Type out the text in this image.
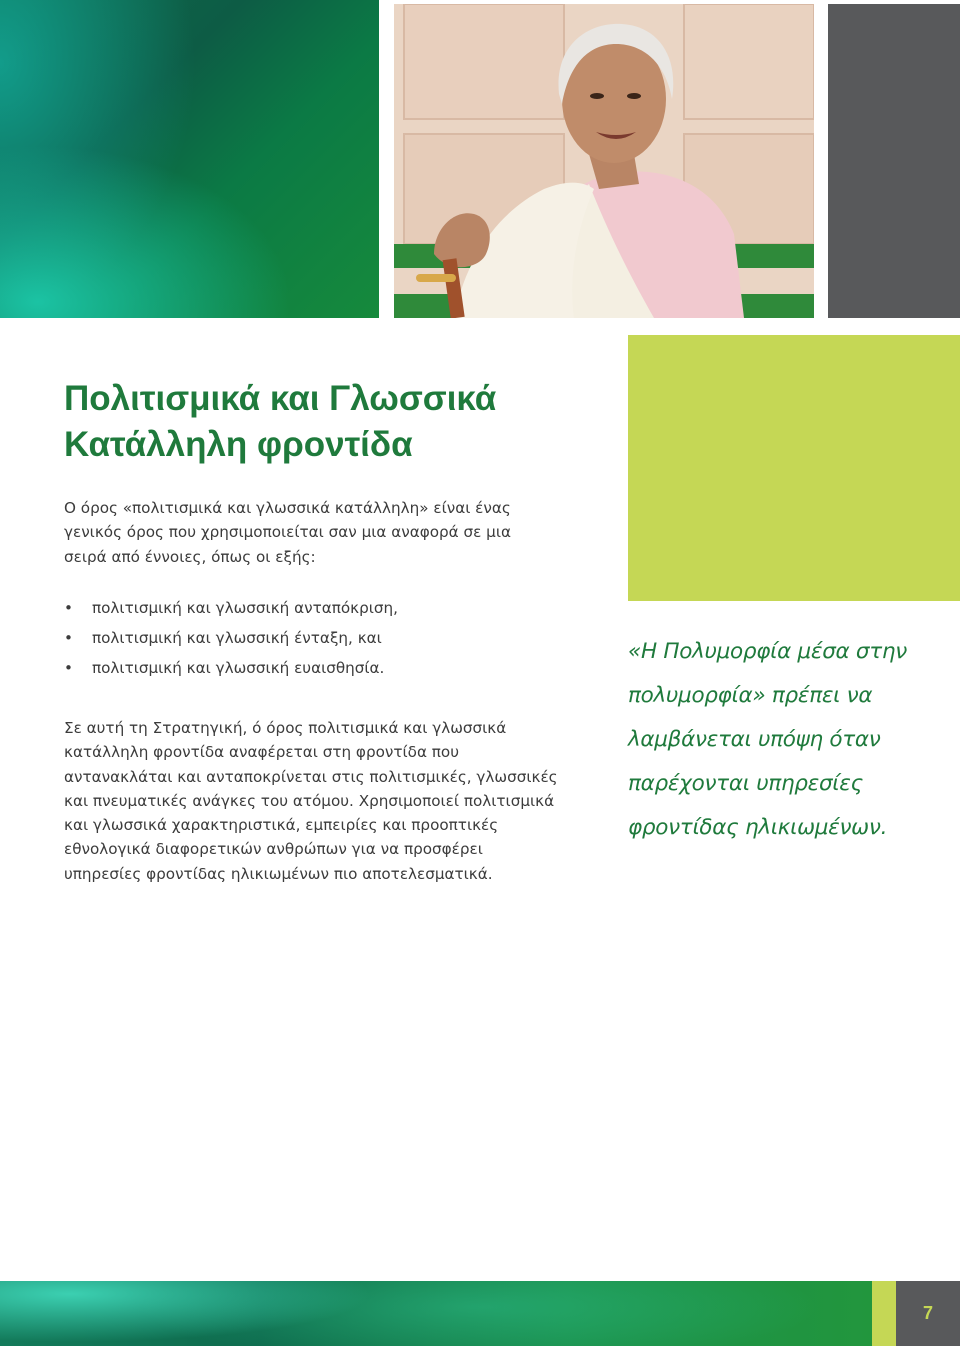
Πολιτισμικά και Γλωσσικά
Κατάλληλη φροντίδα
Ο όρος «πολιτισμικά και γλωσσικά κατάλληλη» είναι ένας
γενικός όρος που χρησιμοποιείται σαν μια αναφορά σε μια
σειρά από έννοιες, όπως οι εξής:
• πολιτισμική και γλωσσική ανταπόκριση,
• πολιτισμική και γλωσσική ένταξη, και
• πολιτισμική και γλωσσική ευαισθησία.
Σε αυτή τη Στρατηγική, ό όρος πολιτισμικά και γλωσσικά
κατάλληλη φροντίδα αναφέρεται στη φροντίδα που
αντανακλάται και ανταποκρίνεται στις πολιτισμικές, γλωσσικές
και πνευματικές ανάγκες του ατόμου. Χρησιμοποιεί πολιτισμικά
και γλωσσικά χαρακτηριστικά, εμπειρίες και προοπτικές
εθνολογικά διαφορετικών ανθρώπων για να προσφέρει
υπηρεσίες φροντίδας ηλικιωμένων πιο αποτελεσματικά.
«Η Πολυμορφία μέσα στην
πολυμορφία» πρέπει να
λαμβάνεται υπόψη όταν
παρέχονται υπηρεσίες
φροντίδας ηλικιωμένων.
7
